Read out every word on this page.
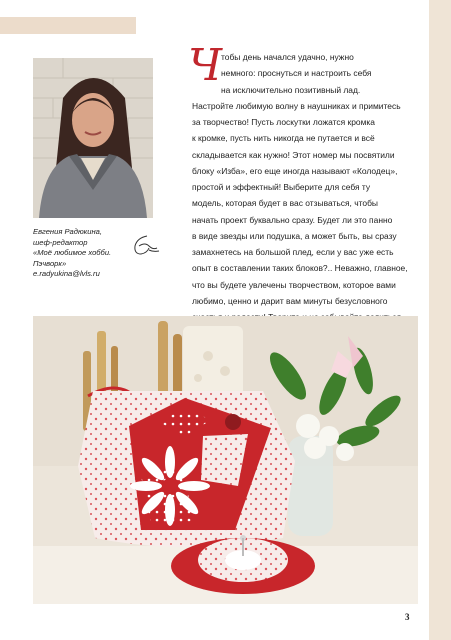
Евгения Радюкина,
шеф-редактор
«Моё любимое хобби.
Пэчворк»
e.radyukina@lvls.ru
Ч
тобы день начался удачно, нужно
немного: проснуться и настроить себя
на исключительно позитивный лад.
Настройте любимую волну в наушниках и примитесь
за творчество! Пусть лоскутки ложатся кромка
к кромке, пусть нить никогда не путается и всё
складывается как нужно! Этот номер мы посвятили
блоку «Изба», его еще иногда называют «Колодец»,
простой и эффектный! Выберите для себя ту
модель, которая будет в вас отзываться, чтобы
начать проект буквально сразу. Будет ли это панно
в виде звезды или подушка, а может быть, вы сразу
замахнетесь на большой плед, если у вас уже есть
опыт в составлении таких блоков?.. Неважно, главное,
что вы будете увлечены творчеством, которое вами
любимо, ценно и дарит вам минуты безусловного
3
